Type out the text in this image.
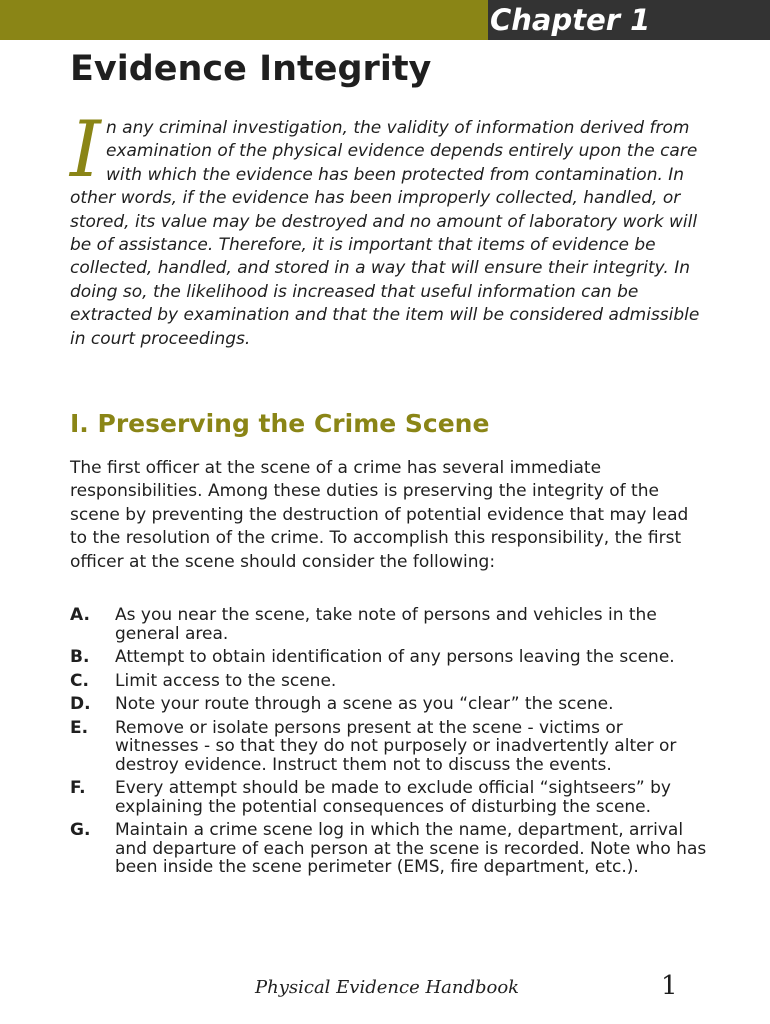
Chapter 1
Evidence Integrity

In any criminal investigation, the validity of information derived from examination of the physical evidence depends entirely upon the care with which the evidence has been protected from contamination. In other words, if the evidence has been improperly collected, handled, or stored, its value may be destroyed and no amount of laboratory work will be of assistance. Therefore, it is important that items of evidence be collected, handled, and stored in a way that will ensure their integrity. In doing so, the likelihood is increased that useful information can be extracted by examination and that the item will be considered admissible in court proceedings.

I. Preserving the Crime Scene

The first officer at the scene of a crime has several immediate responsibilities. Among these duties is preserving the integrity of the scene by preventing the destruction of potential evidence that may lead to the resolution of the crime. To accomplish this responsibility, the first officer at the scene should consider the following:

A. As you near the scene, take note of persons and vehicles in the general area.
B. Attempt to obtain identification of any persons leaving the scene.
C. Limit access to the scene.
D. Note your route through a scene as you “clear” the scene.
E. Remove or isolate persons present at the scene - victims or witnesses - so that they do not purposely or inadvertently alter or destroy evidence. Instruct them not to discuss the events.
F. Every attempt should be made to exclude official “sightseers” by explaining the potential consequences of disturbing the scene.
G. Maintain a crime scene log in which the name, department, arrival and departure of each person at the scene is recorded. Note who has been inside the scene perimeter (EMS, fire department, etc.).
Physical Evidence Handbook	1
